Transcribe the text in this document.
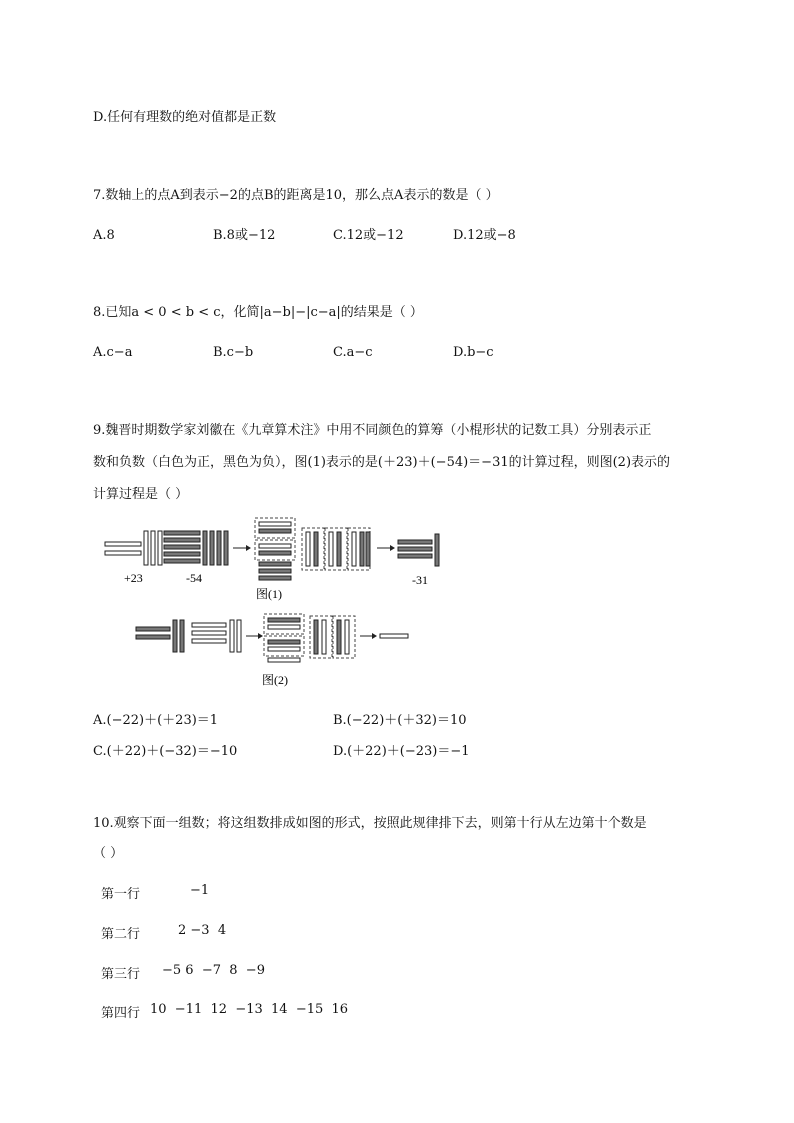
D.任何有理数的绝对值都是正数
7.数轴上的点A到表示−2的点B的距离是10，那么点A表示的数是（ ）
A.8	B.8或−12	C.12或−12	D.12或−8
8.已知a < 0 < b < c，化简|a−b|−|c−a|的结果是（ ）
A.c−a	B.c−b	C.a−c	D.b−c
9.魏晋时期数学家刘徽在《九章算术注》中用不同颜色的算筹（小棍形状的记数工具）分别表示正
数和负数（白色为正，黑色为负），图(1)表示的是(＋23)＋(−54)＝−31的计算过程，则图(2)表示的
计算过程是（ ）
+23	-54	-31
图(1)
图(2)
A.(−22)＋(＋23)＝1	B.(−22)＋(＋32)＝10
C.(＋22)＋(−32)＝−10	D.(＋22)＋(−23)＝−1
10.观察下面一组数；将这组数排成如图的形式，按照此规律排下去，则第十行从左边第十个数是
（ ）
第一行	−1
第二行	2 −3  4
第三行 −5 6  −7  8  −9
第四行 10  −11  12  −13  14  −15  16
